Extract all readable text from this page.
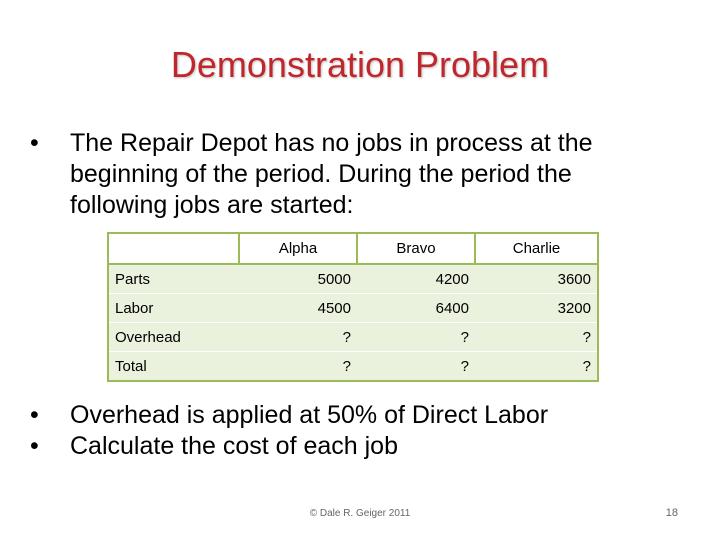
Demonstration Problem
• The Repair Depot has no jobs in process at the beginning of the period. During the period the following jobs are started:
	Alpha	Bravo	Charlie
Parts	5000	4200	3600
Labor	4500	6400	3200
Overhead	?	?	?
Total	?	?	?
• Overhead is applied at 50% of Direct Labor
• Calculate the cost of each job
© Dale R. Geiger 2011	18
